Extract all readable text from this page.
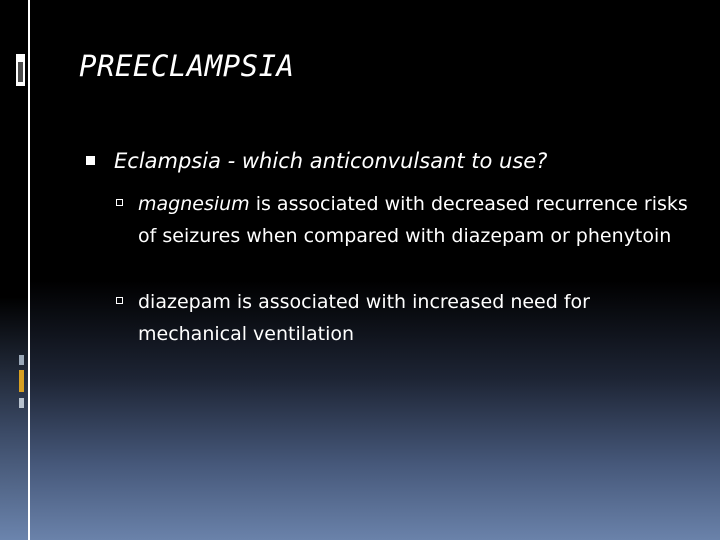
PREECLAMPSIA
Eclampsia - which anticonvulsant to use?
magnesium is associated with decreased recurrence risks of seizures when compared with diazepam or phenytoin
diazepam is associated with increased need for mechanical ventilation
